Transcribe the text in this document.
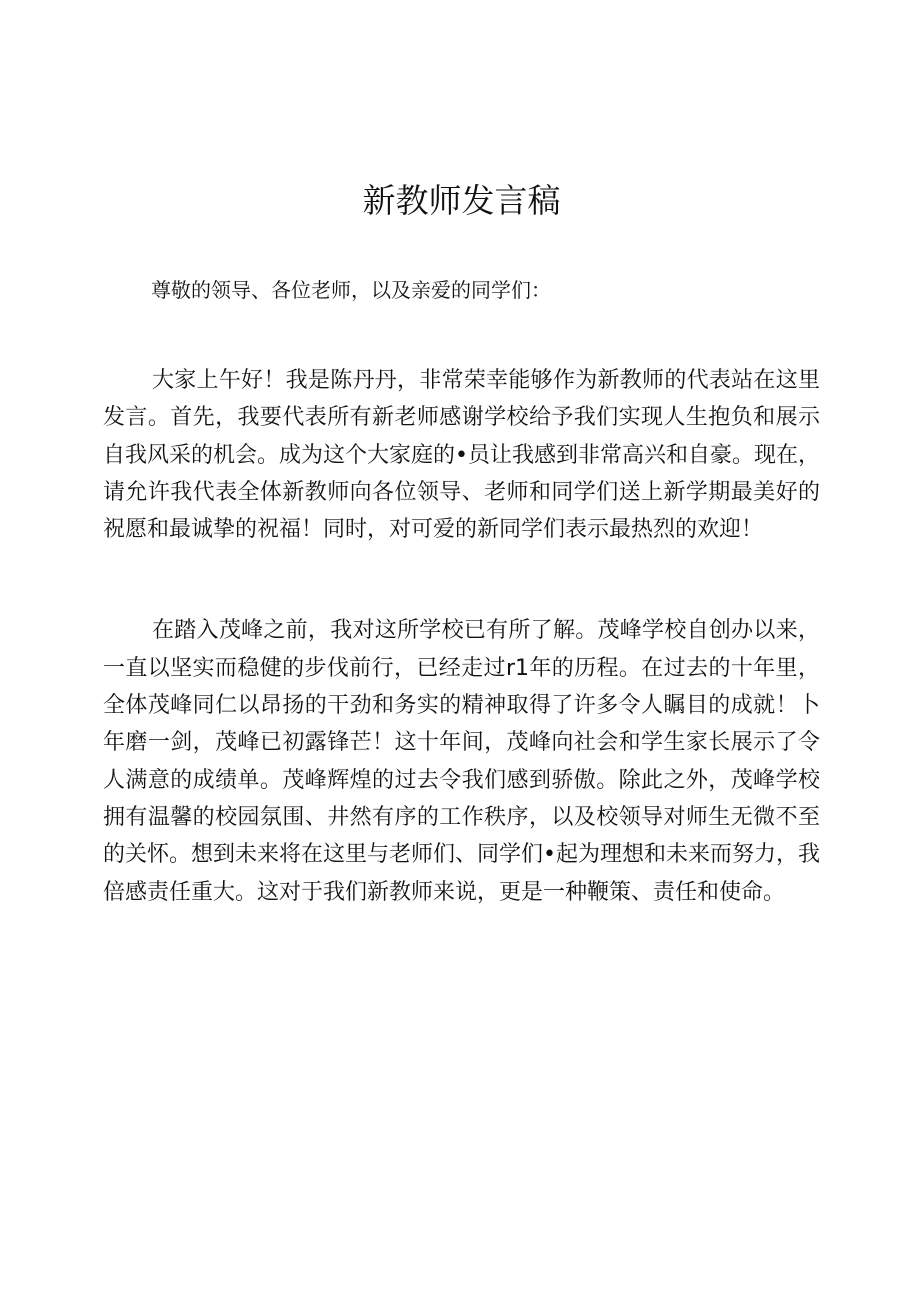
新教师发言稿

尊敬的领导、各位老师，以及亲爱的同学们：

大家上午好！我是陈丹丹，非常荣幸能够作为新教师的代表站在这里发言。首先，我要代表所有新老师感谢学校给予我们实现人生抱负和展示自我风采的机会。成为这个大家庭的•员让我感到非常高兴和自豪。现在，请允许我代表全体新教师向各位领导、老师和同学们送上新学期最美好的祝愿和最诚挚的祝福！同时，对可爱的新同学们表示最热烈的欢迎！

在踏入茂峰之前，我对这所学校已有所了解。茂峰学校自创办以来，一直以坚实而稳健的步伐前行，已经走过r1年的历程。在过去的十年里，全体茂峰同仁以昂扬的干劲和务实的精神取得了许多令人瞩目的成就！卜年磨一剑，茂峰已初露锋芒！这十年间，茂峰向社会和学生家长展示了令人满意的成绩单。茂峰辉煌的过去令我们感到骄傲。除此之外，茂峰学校拥有温馨的校园氛围、井然有序的工作秩序，以及校领导对师生无微不至的关怀。想到未来将在这里与老师们、同学们•起为理想和未来而努力，我倍感责任重大。这对于我们新教师来说，更是一种鞭策、责任和使命。
